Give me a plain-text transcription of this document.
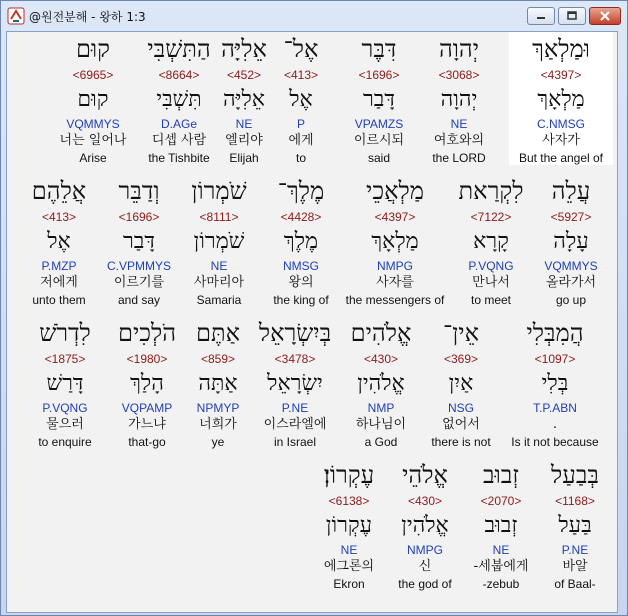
@원전분해 - 왕하 1:3
וּמַלְאַךְ
<4397>
מַלְאָךְ
C.NMSG
사자가
But the angel of
יְהוָה
<3068>
יְהוָה
NE
여호와의
the LORD
דִּבֶּר
<1696>
דָּבַר
VPAMZS
이르시되
said
אֶל־
<413>
אֶל
P
에게
to
אֵלִיָּה
<452>
אֵלִיָּה
NE
엘리야
Elijah
הַתִּשְׁבִּי
<8664>
תִּשְׁבִּי
D.AGe
디셉 사람
the Tishbite
קוּם
<6965>
קוּם
VQMMYS
너는 일어나
Arise
עֲלֵה
<5927>
עָלָה
VQMMYS
올라가서
go up
לִקְרַאת
<7122>
קָרָא
P.VQNG
만나서
to meet
מַלְאֲכֵי
<4397>
מַלְאָךְ
NMPG
사자를
the messengers of
מֶלֶךְ־
<4428>
מֶלֶךְ
NMSG
왕의
the king of
שֹׁמְרוֹן
<8111>
שֹׁמְרוֹן
NE
사마리아
Samaria
וְדַבֵּר
<1696>
דָּבַר
C.VPMMYS
이르기를
and say
אֲלֵהֶם
<413>
אֶל
P.MZP
저에게
unto them
הֲמִבְּלִי
<1097>
בְּלִי
T.P.ABN
.
Is it not because
אֵין־
<369>
אַיִן
NSG
없어서
there is not
אֱלֹהִים
<430>
אֱלֹהִין
NMP
하나님이
a God
בְּיִשְׂרָאֵל
<3478>
יִשְׂרָאֵל
P.NE
이스라엘에
in Israel
אַתֶּם
<859>
אַתָּה
NPMYP
너희가
ye
הֹלְכִים
<1980>
הָלַךְ
VQPAMP
가느냐
that-go
לִדְרֹשׁ
<1875>
דָּרַשׁ
P.VQNG
물으러
to enquire
בְּבַעַל
<1168>
בַּעַל
P.NE
바알
of Baal-
זְבוּב
<2070>
זְבוּב
NE
-세붑에게
-zebub
אֱלֹהֵי
<430>
אֱלֹהִין
NMPG
신
the god of
עֶקְרוֹן׃
<6138>
עֶקְרוֹן
NE
에그론의
Ekron
